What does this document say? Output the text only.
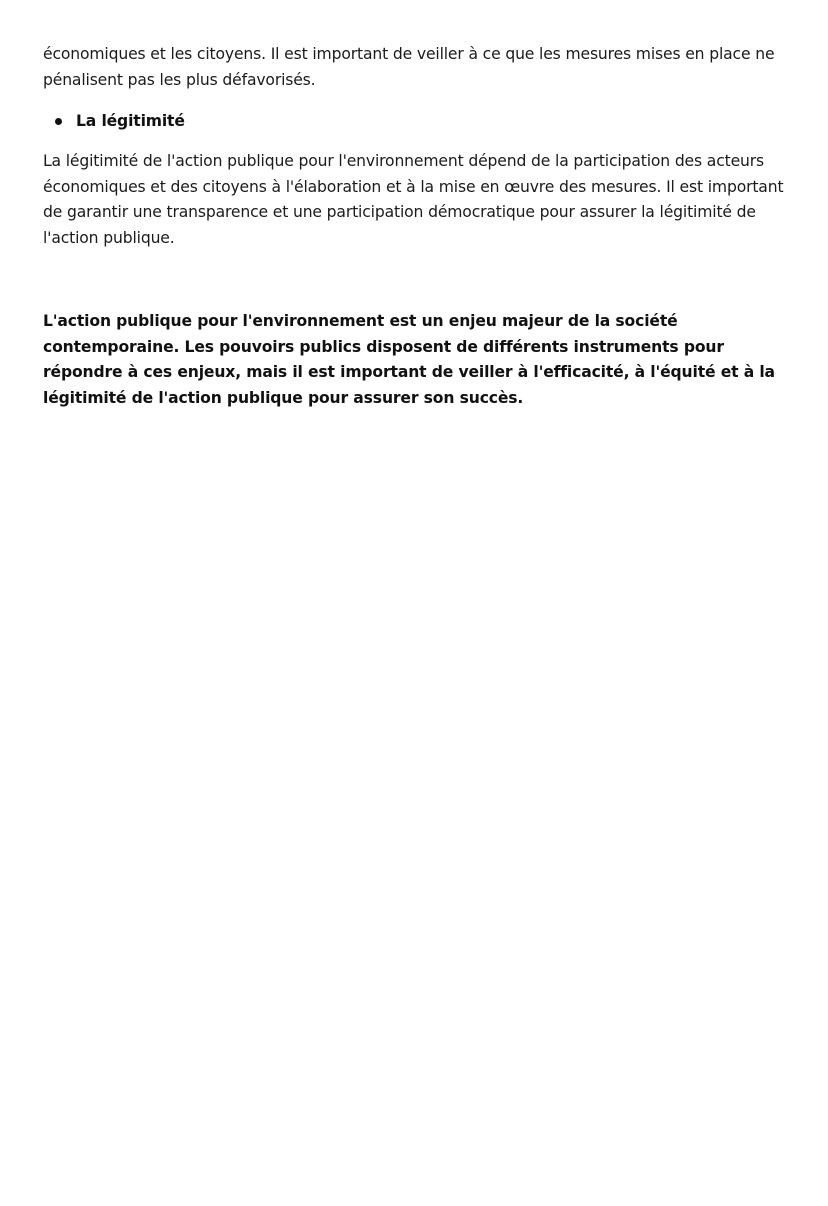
économiques et les citoyens. Il est important de veiller à ce que les mesures mises en place ne pénalisent pas les plus défavorisés.

La légitimité

La légitimité de l'action publique pour l'environnement dépend de la participation des acteurs économiques et des citoyens à l'élaboration et à la mise en œuvre des mesures. Il est important de garantir une transparence et une participation démocratique pour assurer la légitimité de l'action publique.

L'action publique pour l'environnement est un enjeu majeur de la société contemporaine. Les pouvoirs publics disposent de différents instruments pour répondre à ces enjeux, mais il est important de veiller à l'efficacité, à l'équité et à la légitimité de l'action publique pour assurer son succès.
